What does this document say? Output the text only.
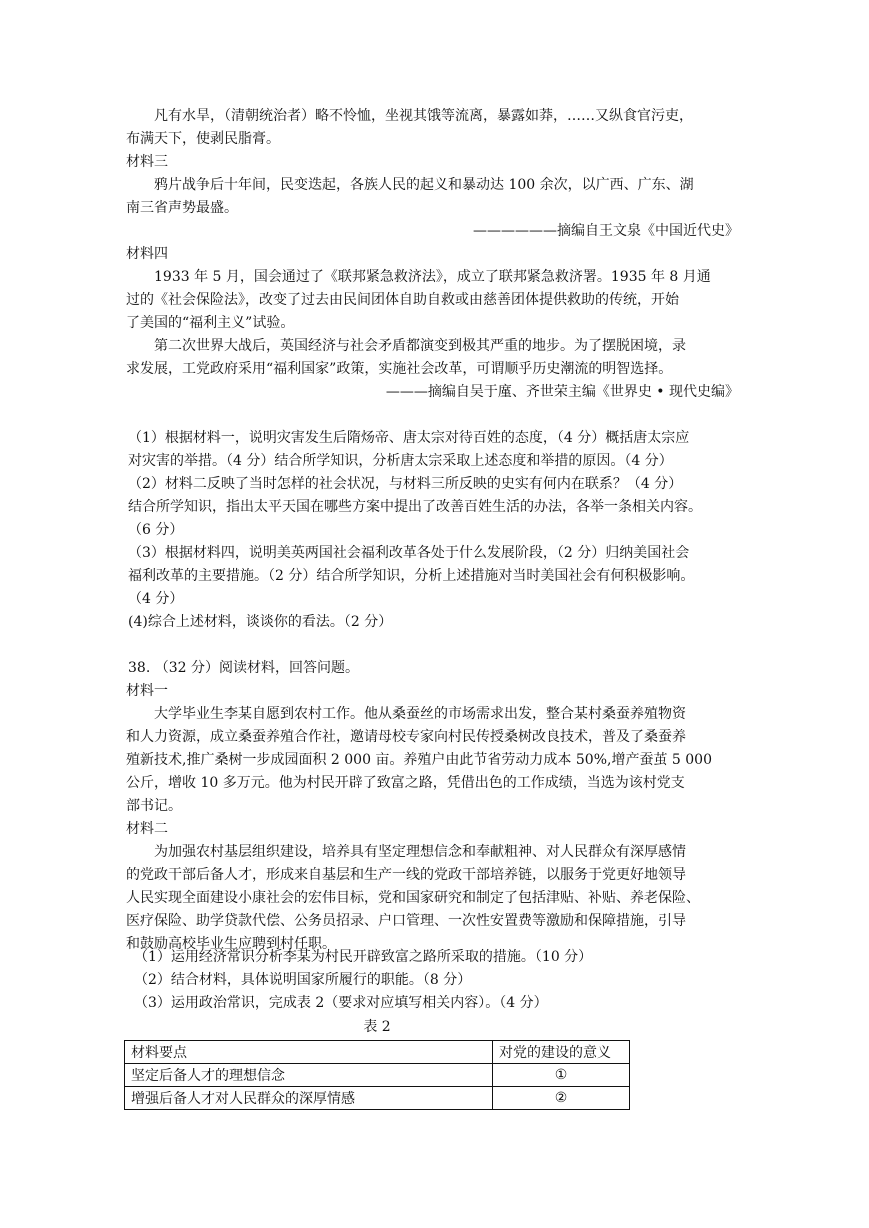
凡有水旱，（清朝统治者）略不怜恤，坐视其饿等流离，暴露如莽，……又纵食官污吏，
布满天下，使剥民脂膏。
材料三
鸦片战争后十年间，民变迭起，各族人民的起义和暴动达 100 余次，以广西、广东、湖
南三省声势最盛。
——————摘编自王文泉《中国近代史》
材料四
1933 年 5 月，国会通过了《联邦紧急救济法》，成立了联邦紧急救济署。1935 年 8 月通
过的《社会保险法》，改变了过去由民间团体自助自救或由慈善团体提供救助的传统，开始
了美国的“福利主义”试验。
第二次世界大战后，英国经济与社会矛盾都演变到极其严重的地步。为了摆脱困境，录
求发展，工党政府采用“福利国家”政策，实施社会改革，可谓顺乎历史潮流的明智选择。
———摘编自吴于廑、齐世荣主编《世界史 • 现代史编》
（1）根据材料一，说明灾害发生后隋炀帝、唐太宗对待百姓的态度，（4 分）概括唐太宗应
对灾害的举措。（4 分）结合所学知识，分析唐太宗采取上述态度和举措的原因。（4 分）
（2）材料二反映了当时怎样的社会状况，与材料三所反映的史实有何内在联系？（4 分）
结合所学知识，指出太平天国在哪些方案中提出了改善百姓生活的办法，各举一条相关内容。
（6 分）
（3）根据材料四，说明美英两国社会福利改革各处于什么发展阶段，（2 分）归纳美国社会
福利改革的主要措施。（2 分）结合所学知识，分析上述措施对当时美国社会有何积极影响。
（4 分）
(4)综合上述材料，谈谈你的看法。（2 分）
38. （32 分）阅读材料，回答问题。
材料一
大学毕业生李某自愿到农村工作。他从桑蚕丝的市场需求出发，整合某村桑蚕养殖物资
和人力资源，成立桑蚕养殖合作社，邀请母校专家向村民传授桑树改良技术，普及了桑蚕养
殖新技术,推广桑树一步成园面积 2 000 亩。养殖户由此节省劳动力成本 50%,增产蚕茧 5 000
公斤，增收 10 多万元。他为村民开辟了致富之路，凭借出色的工作成绩，当选为该村党支
部书记。
材料二
为加强农村基层组织建设，培养具有坚定理想信念和奉献粗神、对人民群众有深厚感情
的党政干部后备人才，形成来自基层和生产一线的党政干部培养链，以服务于党更好地领导
人民实现全面建设小康社会的宏伟目标，党和国家研究和制定了包括津贴、补贴、养老保险、
医疗保险、助学贷款代偿、公务员招录、户口管理、一次性安置费等激励和保障措施，引导
和鼓励高校毕业生应聘到村任职。
（1）运用经济常识分析李某为村民开辟致富之路所采取的措施。（10 分）
（2）结合材料，具体说明国家所履行的职能。（8 分）
（3）运用政治常识，完成表 2（要求对应填写相关内容）。（4 分）
表 2
材料要点	对党的建设的意义
坚定后备人才的理想信念	①
增强后备人才对人民群众的深厚情感	②
